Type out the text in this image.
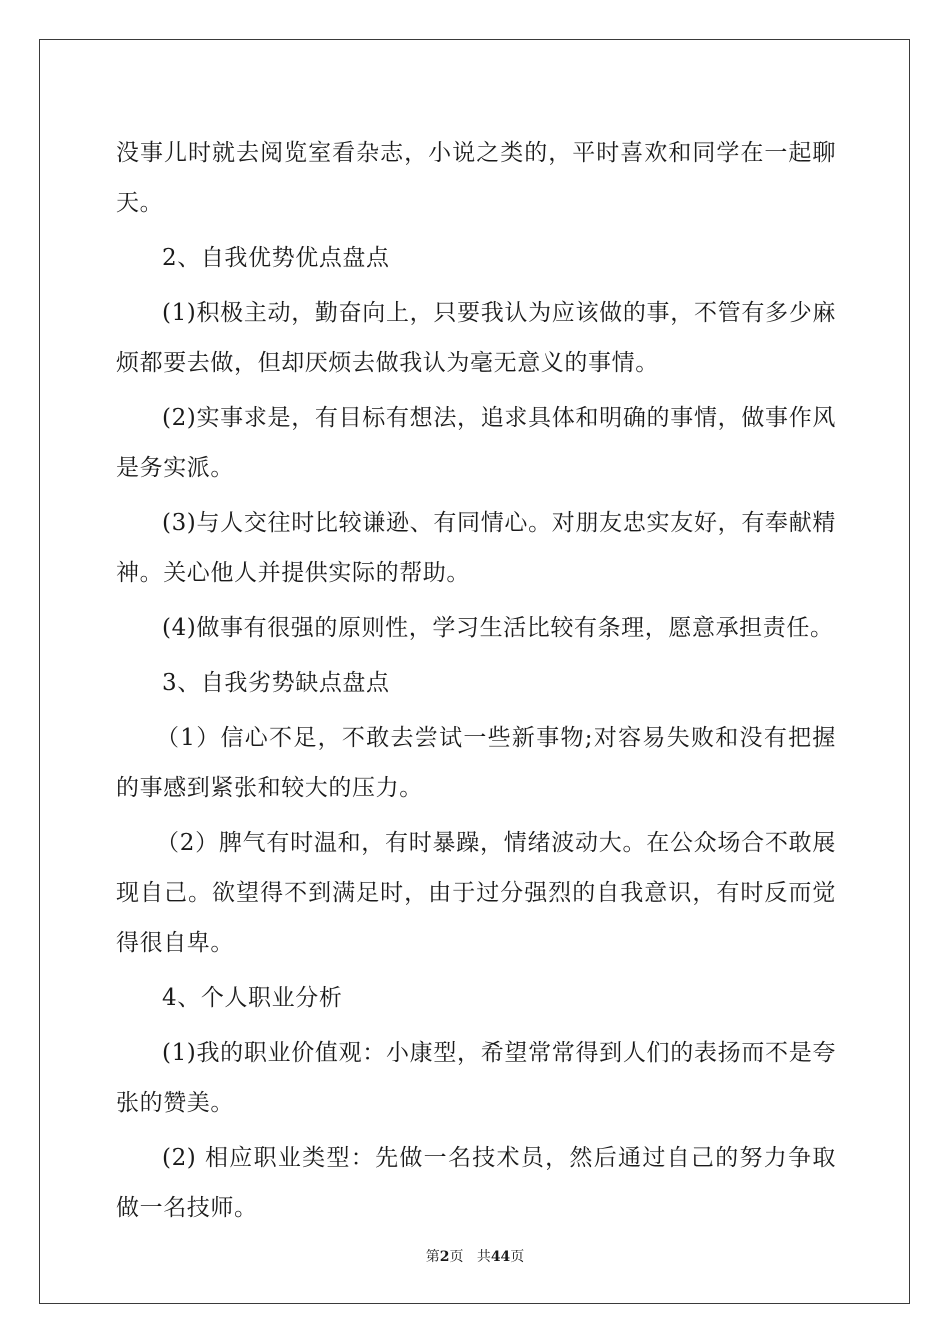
没事儿时就去阅览室看杂志，小说之类的，平时喜欢和同学在一起聊天。

2、自我优势优点盘点

(1)积极主动，勤奋向上，只要我认为应该做的事，不管有多少麻烦都要去做，但却厌烦去做我认为毫无意义的事情。

(2)实事求是，有目标有想法，追求具体和明确的事情，做事作风是务实派。

(3)与人交往时比较谦逊、有同情心。对朋友忠实友好，有奉献精神。关心他人并提供实际的帮助。

(4)做事有很强的原则性，学习生活比较有条理，愿意承担责任。

3、自我劣势缺点盘点

（1）信心不足，不敢去尝试一些新事物;对容易失败和没有把握的事感到紧张和较大的压力。

（2）脾气有时温和，有时暴躁，情绪波动大。在公众场合不敢展现自己。欲望得不到满足时，由于过分强烈的自我意识，有时反而觉得很自卑。

4、个人职业分析

(1)我的职业价值观：小康型，希望常常得到人们的表扬而不是夸张的赞美。

(2) 相应职业类型：先做一名技术员，然后通过自己的努力争取做一名技师。

第2页 共44页
